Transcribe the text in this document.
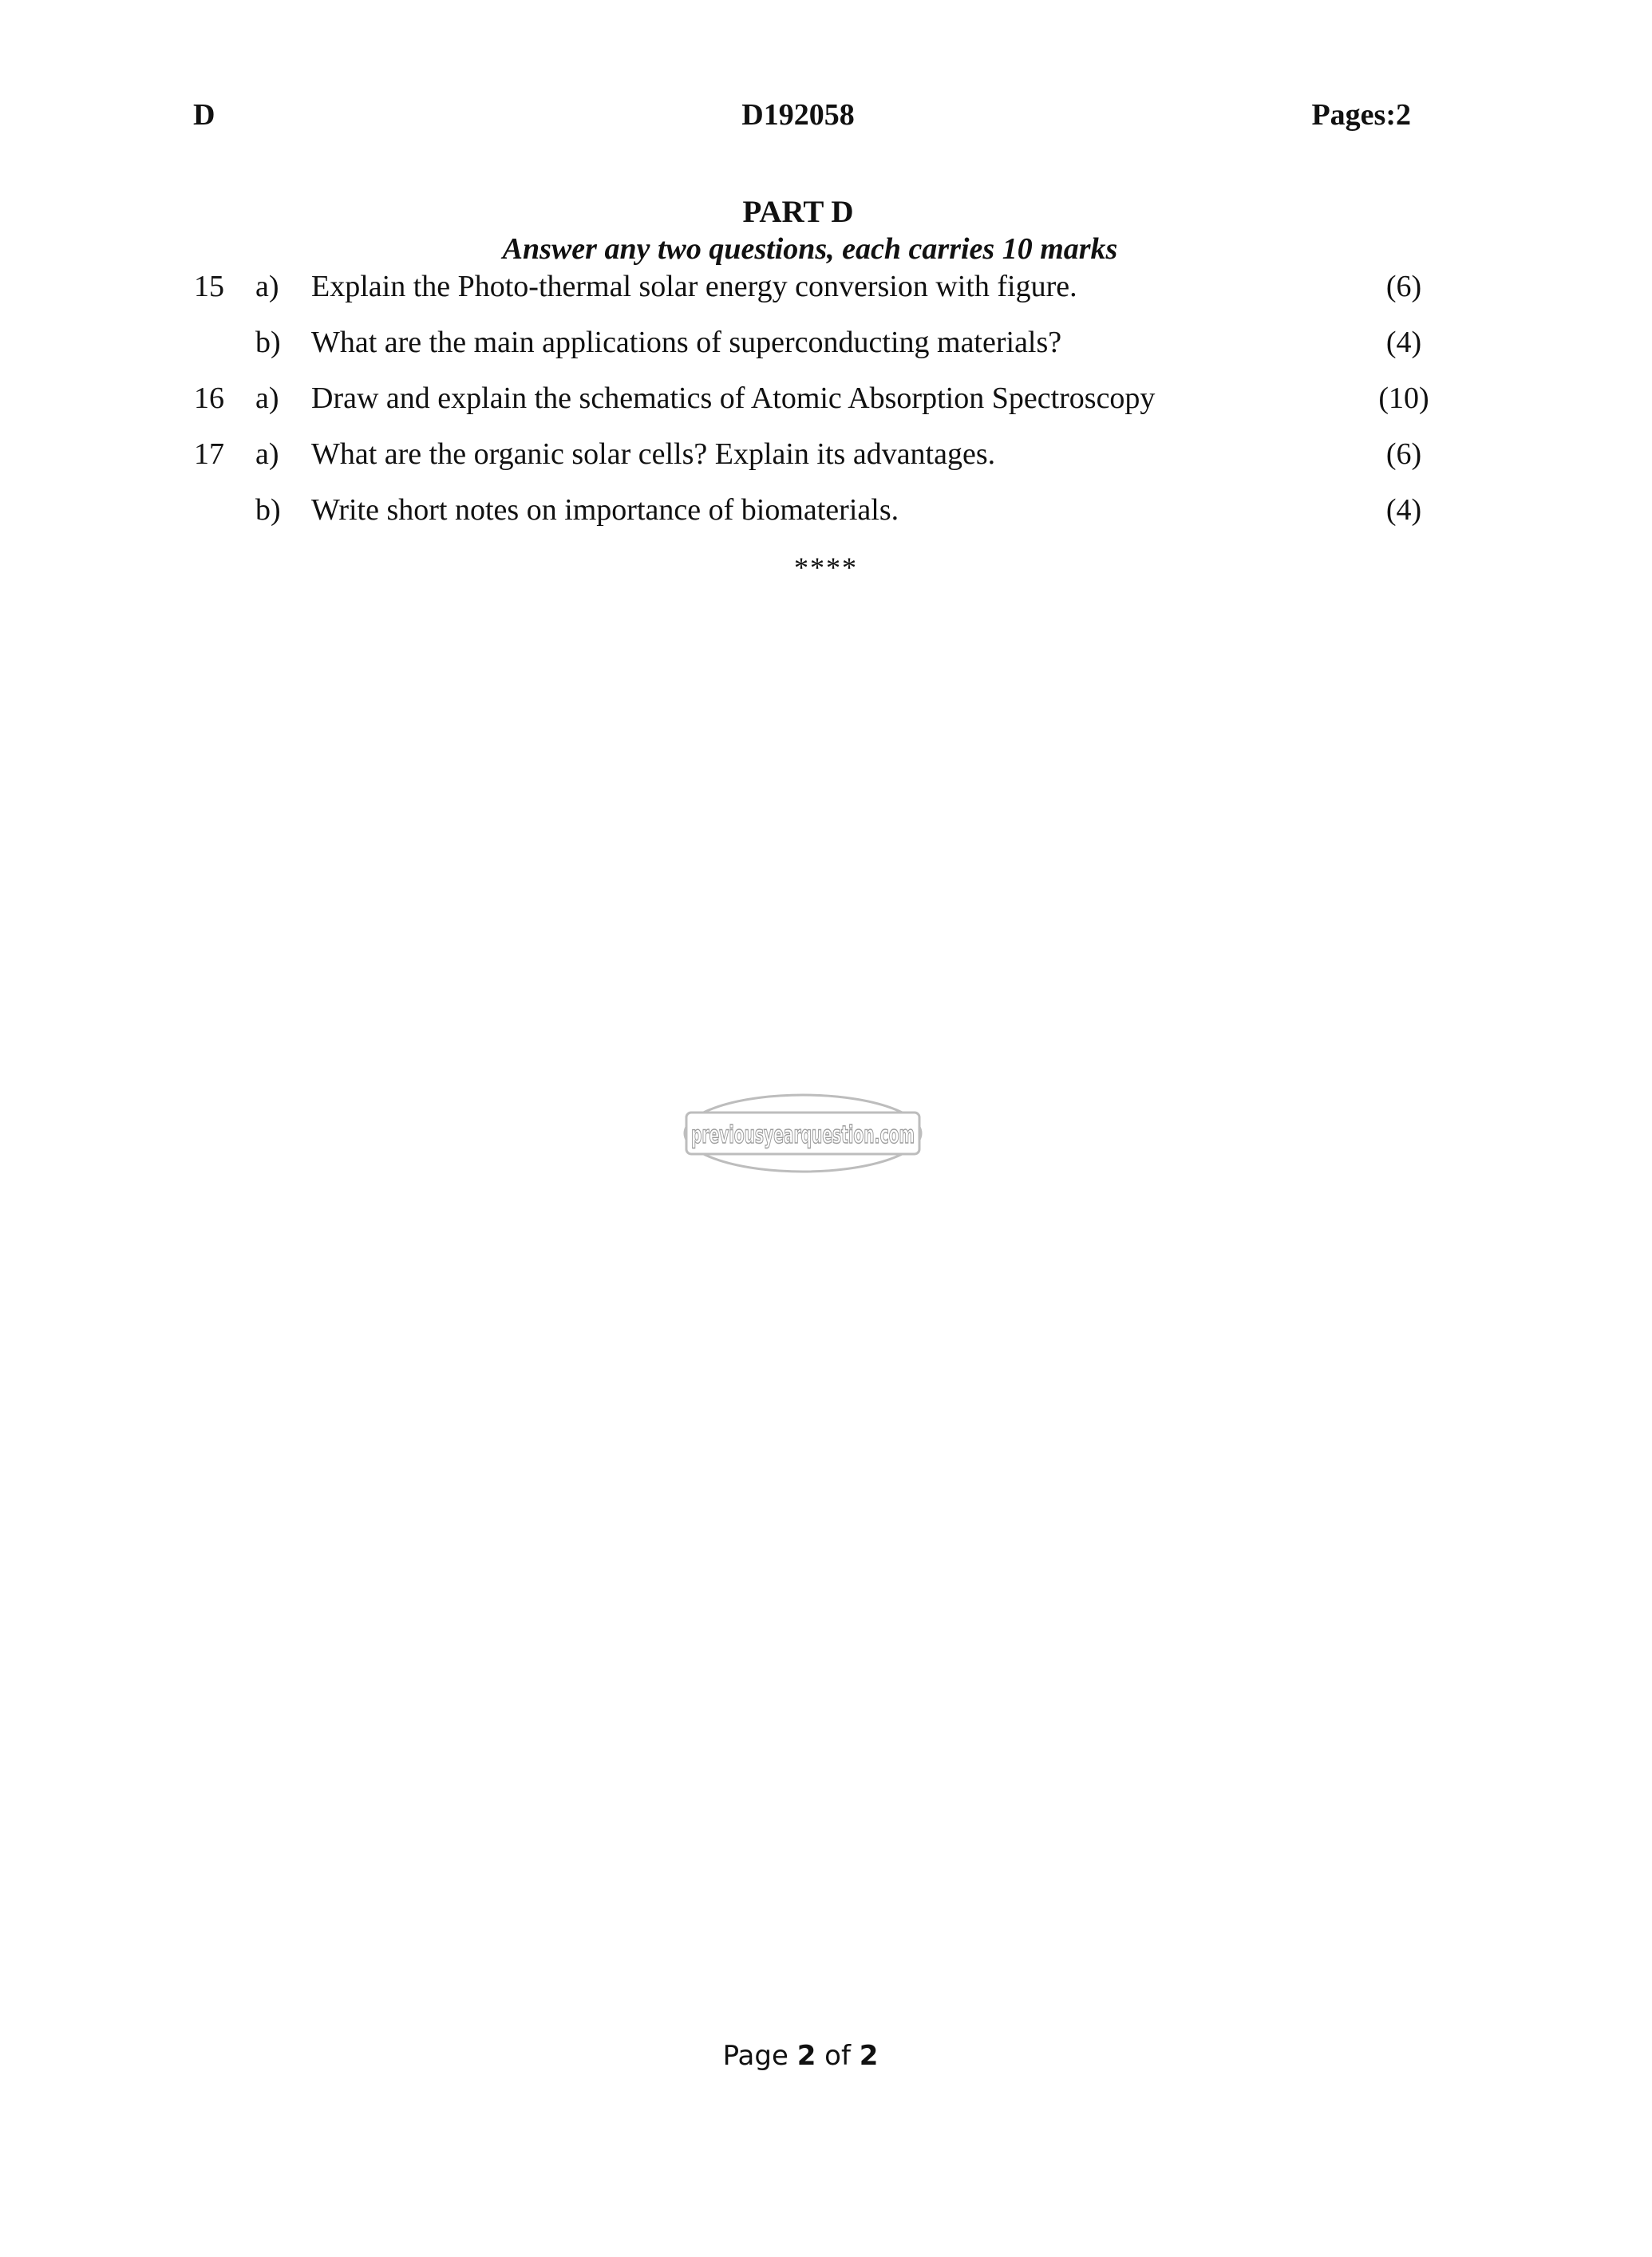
D	D192058	Pages:2
PART D
Answer any two questions, each carries 10 marks
15 a) Explain the Photo-thermal solar energy conversion with figure.	(6)
b) What are the main applications of superconducting materials?	(4)
16 a) Draw and explain the schematics of Atomic Absorption Spectroscopy	(10)
17 a) What are the organic solar cells? Explain its advantages.	(6)
b) Write short notes on importance of biomaterials.	(4)
****
previousyearquestion.com
Page 2 of 2
